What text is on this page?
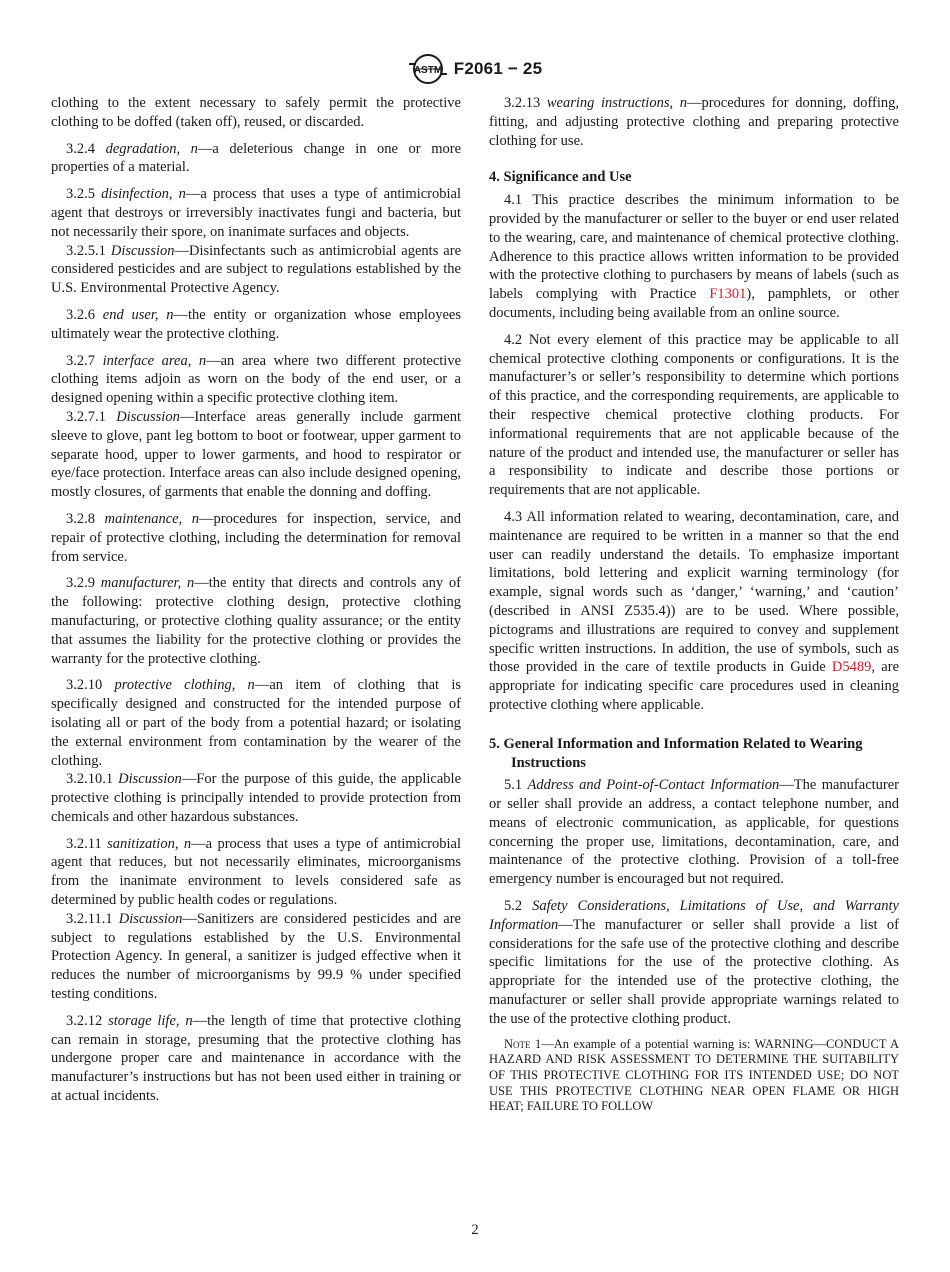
ASTM F2061 − 25

clothing to the extent necessary to safely permit the protective clothing to be doffed (taken off), reused, or discarded.

3.2.4 degradation, n—a deleterious change in one or more properties of a material.

3.2.5 disinfection, n—a process that uses a type of antimicrobial agent that destroys or irreversibly inactivates fungi and bacteria, but not necessarily their spore, on inanimate surfaces and objects.

3.2.5.1 Discussion—Disinfectants such as antimicrobial agents are considered pesticides and are subject to regulations established by the U.S. Environmental Protective Agency.

3.2.6 end user, n—the entity or organization whose employees ultimately wear the protective clothing.

3.2.7 interface area, n—an area where two different protective clothing items adjoin as worn on the body of the end user, or a designed opening within a specific protective clothing item.

3.2.7.1 Discussion—Interface areas generally include garment sleeve to glove, pant leg bottom to boot or footwear, upper garment to separate hood, upper to lower garments, and hood to respirator or eye/face protection. Interface areas can also include designed opening, mostly closures, of garments that enable the donning and doffing.

3.2.8 maintenance, n—procedures for inspection, service, and repair of protective clothing, including the determination for removal from service.

3.2.9 manufacturer, n—the entity that directs and controls any of the following: protective clothing design, protective clothing manufacturing, or protective clothing quality assurance; or the entity that assumes the liability for the protective clothing or provides the warranty for the protective clothing.

3.2.10 protective clothing, n—an item of clothing that is specifically designed and constructed for the intended purpose of isolating all or part of the body from a potential hazard; or isolating the external environment from contamination by the wearer of the clothing.

3.2.10.1 Discussion—For the purpose of this guide, the applicable protective clothing is principally intended to provide protection from chemicals and other hazardous substances.

3.2.11 sanitization, n—a process that uses a type of antimicrobial agent that reduces, but not necessarily eliminates, microorganisms from the inanimate environment to levels considered safe as determined by public health codes or regulations.

3.2.11.1 Discussion—Sanitizers are considered pesticides and are subject to regulations established by the U.S. Environmental Protection Agency. In general, a sanitizer is judged effective when it reduces the number of microorganisms by 99.9 % under specified testing conditions.

3.2.12 storage life, n—the length of time that protective clothing can remain in storage, presuming that the protective clothing has undergone proper care and maintenance in accordance with the manufacturer’s instructions but has not been used either in training or at actual incidents.

3.2.13 wearing instructions, n—procedures for donning, doffing, fitting, and adjusting protective clothing and preparing protective clothing for use.

4. Significance and Use

4.1 This practice describes the minimum information to be provided by the manufacturer or seller to the buyer or end user related to the wearing, care, and maintenance of chemical protective clothing. Adherence to this practice allows written information to be provided with the protective clothing to purchasers by means of labels (such as labels complying with Practice F1301), pamphlets, or other documents, including being available from an online source.

4.2 Not every element of this practice may be applicable to all chemical protective clothing components or configurations. It is the manufacturer’s or seller’s responsibility to determine which portions of this practice, and the corresponding requirements, are applicable to their respective chemical protective clothing products. For informational requirements that are not applicable because of the nature of the product and intended use, the manufacturer or seller has a responsibility to indicate and describe those portions or requirements that are not applicable.

4.3 All information related to wearing, decontamination, care, and maintenance are required to be written in a manner so that the end user can readily understand the details. To emphasize important limitations, bold lettering and explicit warning terminology (for example, signal words such as ‘danger,’ ‘warning,’ and ‘caution’ (described in ANSI Z535.4)) are to be used. Where possible, pictograms and illustrations are required to convey and supplement specific written instructions. In addition, the use of symbols, such as those provided in the care of textile products in Guide D5489, are appropriate for indicating specific care procedures used in cleaning protective clothing where applicable.

5. General Information and Information Related to Wearing Instructions

5.1 Address and Point-of-Contact Information—The manufacturer or seller shall provide an address, a contact telephone number, and means of electronic communication, as applicable, for questions concerning the proper use, limitations, decontamination, care, and maintenance of the protective clothing. Provision of a toll-free emergency number is encouraged but not required.

5.2 Safety Considerations, Limitations of Use, and Warranty Information—The manufacturer or seller shall provide a list of considerations for the safe use of the protective clothing and describe specific limitations for the use of the protective clothing. As appropriate for the intended use of the protective clothing, the manufacturer or seller shall provide appropriate warnings related to the use of the protective clothing product.

Note 1—An example of a potential warning is: WARNING—CONDUCT A HAZARD AND RISK ASSESSMENT TO DETERMINE THE SUITABILITY OF THIS PROTECTIVE CLOTHING FOR ITS INTENDED USE; DO NOT USE THIS PROTECTIVE CLOTHING NEAR OPEN FLAME OR HIGH HEAT; FAILURE TO FOLLOW

2
